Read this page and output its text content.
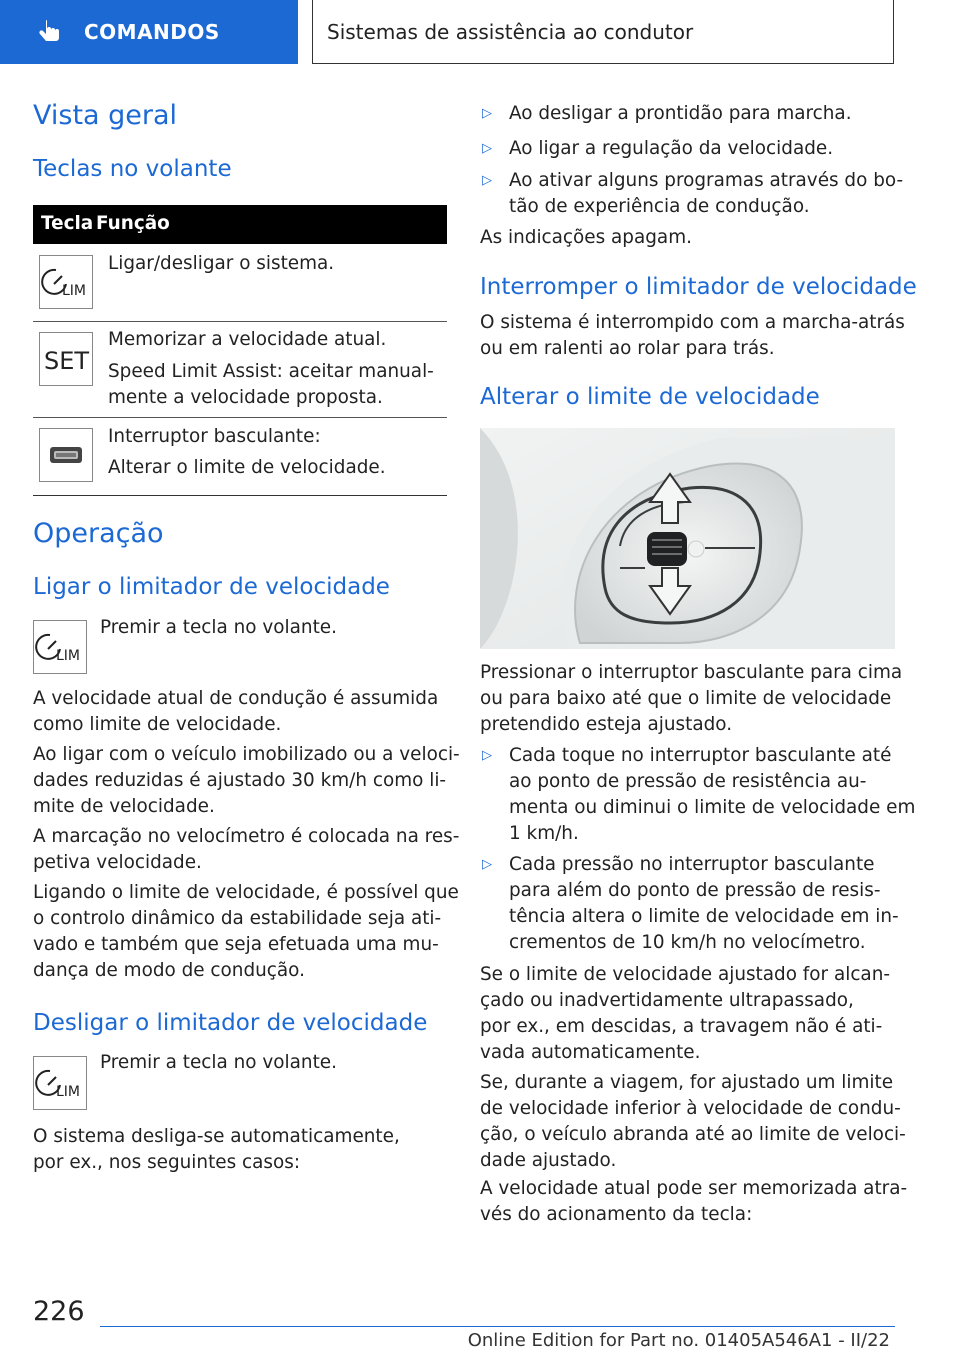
COMANDOS	Sistemas de assistência ao condutor
Vista geral
Teclas no volante
Tecla Função
LIM
Ligar/desligar o sistema.
SET
Memorizar a velocidade atual.
Speed Limit Assist: aceitar manual-
mente a velocidade proposta.
Interruptor basculante:
Alterar o limite de velocidade.
Operação
Ligar o limitador de velocidade
LIM
Premir a tecla no volante.
A velocidade atual de condução é assumida
como limite de velocidade.
Ao ligar com o veículo imobilizado ou a veloci-
dades reduzidas é ajustado 30 km/h como li-
mite de velocidade.
A marcação no velocímetro é colocada na res-
petiva velocidade.
Ligando o limite de velocidade, é possível que
o controlo dinâmico da estabilidade seja ati-
vado e também que seja efetuada uma mu-
dança de modo de condução.
Desligar o limitador de velocidade
LIM
Premir a tecla no volante.
O sistema desliga-se automaticamente,
por ex., nos seguintes casos:
▷ Ao desligar a prontidão para marcha.
▷ Ao ligar a regulação da velocidade.
▷ Ao ativar alguns programas através do bo-
tão de experiência de condução.
As indicações apagam.
Interromper o limitador de velocidade
O sistema é interrompido com a marcha-atrás
ou em ralenti ao rolar para trás.
Alterar o limite de velocidade
Pressionar o interruptor basculante para cima
ou para baixo até que o limite de velocidade
pretendido esteja ajustado.
▷ Cada toque no interruptor basculante até
ao ponto de pressão de resistência au-
menta ou diminui o limite de velocidade em
1 km/h.
▷ Cada pressão no interruptor basculante
para além do ponto de pressão de resis-
tência altera o limite de velocidade em in-
crementos de 10 km/h no velocímetro.
Se o limite de velocidade ajustado for alcan-
çado ou inadvertidamente ultrapassado,
por ex., em descidas, a travagem não é ati-
vada automaticamente.
Se, durante a viagem, for ajustado um limite
de velocidade inferior à velocidade de condu-
ção, o veículo abranda até ao limite de veloci-
dade ajustado.
A velocidade atual pode ser memorizada atra-
vés do acionamento da tecla:
226
Online Edition for Part no. 01405A546A1 - II/22
